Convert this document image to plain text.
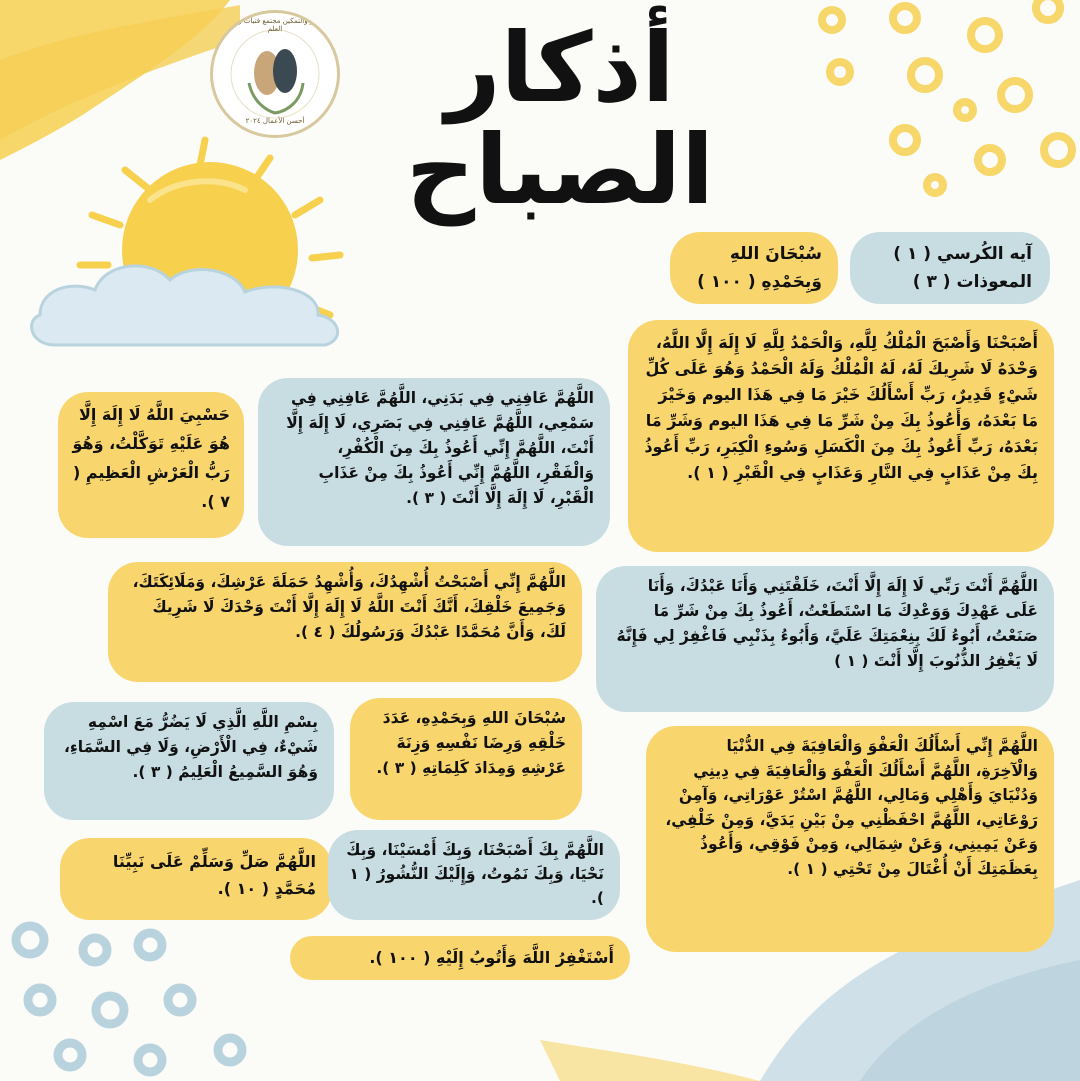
الإنجاز والتمكين مجتمع فتيات وتعاون العلم
أحسن الأعمال ٢٠٢٤	أذكار
الصباح
آيه الكُرسي ( ١ )
المعوذات ( ٣ )
سُبْحَانَ اللهِ
وَبِحَمْدِهِ ( ١٠٠ )
أَصْبَحْنَا وَأَصْبَحَ الْمُلْكُ لِلَّهِ، وَالْحَمْدُ لِلَّهِ لَا إِلَهَ إِلَّا اللَّهُ، وَحْدَهُ لَا شَرِيكَ لَهُ، لَهُ الْمُلْكُ وَلَهُ الْحَمْدُ وَهُوَ عَلَى كُلِّ شَيْءٍ قَدِيرٌ، رَبِّ أَسْأَلُكَ خَيْرَ مَا فِي هَذَا اليوم وَخَيْرَ مَا بَعْدَهُ، وَأَعُوذُ بِكَ مِنْ شَرِّ مَا فِي هَذَا اليوم وَشَرِّ مَا بَعْدَهُ، رَبِّ أَعُوذُ بِكَ مِنَ الْكَسَلِ وَسُوءِ الْكِبَرِ، رَبِّ أَعُوذُ بِكَ مِنْ عَذَابٍ فِي النَّارِ وَعَذَابٍ فِي الْقَبْرِ ( ١ ).
اللَّهُمَّ عَافِنِي فِي بَدَنِي، اللَّهُمَّ عَافِنِي فِي سَمْعِي، اللَّهُمَّ عَافِنِي فِي بَصَرِي، لَا إِلَهَ إِلَّا أَنْتَ، اللَّهُمَّ إِنِّي أَعُوذُ بِكَ مِنَ الْكُفْرِ، وَالْفَقْرِ، اللَّهُمَّ إِنِّي أَعُوذُ بِكَ مِنْ عَذَابِ الْقَبْرِ، لَا إِلَهَ إِلَّا أَنْتَ ( ٣ ).
حَسْبِيَ اللَّهُ لَا إِلَهَ إِلَّا هُوَ عَلَيْهِ تَوَكَّلْتُ، وَهُوَ رَبُّ الْعَرْشِ الْعَظِيمِ ( ٧ ).
اللَّهُمَّ إِنِّي أَصْبَحْتُ أُشْهِدُكَ، وَأُشْهِدُ حَمَلَةَ عَرْشِكَ، وَمَلَائِكَتَكَ، وَجَمِيعَ خَلْقِكَ، أَنَّكَ أَنْتَ اللَّهُ لَا إِلَهَ إِلَّا أَنْتَ وَحْدَكَ لَا شَرِيكَ لَكَ، وَأَنَّ مُحَمَّدًا عَبْدُكَ وَرَسُولُكَ ( ٤ ).
اللَّهُمَّ أَنْتَ رَبِّي لَا إِلَهَ إِلَّا أَنْتَ، خَلَقْتَنِي وَأَنَا عَبْدُكَ، وَأَنَا عَلَى عَهْدِكَ وَوَعْدِكَ مَا اسْتَطَعْتُ، أَعُوذُ بِكَ مِنْ شَرِّ مَا صَنَعْتُ، أَبُوءُ لَكَ بِنِعْمَتِكَ عَلَيَّ، وَأَبُوءُ بِذَنْبِي فَاغْفِرْ لِي فَإِنَّهُ لَا يَغْفِرُ الذُّنُوبَ إِلَّا أَنْتَ ( ١ )
بِسْمِ اللَّهِ الَّذِي لَا يَضُرُّ مَعَ اسْمِهِ شَيْءٌ، فِي الْأَرْضِ، وَلَا فِي السَّمَاءِ، وَهُوَ السَّمِيعُ الْعَلِيمُ ( ٣ ).
سُبْحَانَ اللهِ وَبِحَمْدِهِ، عَدَدَ خَلْقِهِ وَرِضَا نَفْسِهِ وَزِنَةَ عَرْشِهِ وَمِدَادَ كَلِمَاتِهِ ( ٣ ).
اللَّهُمَّ إِنِّي أَسْأَلُكَ الْعَفْوَ وَالْعَافِيَةَ فِي الدُّنْيَا وَالْآخِرَةِ، اللَّهُمَّ أَسْأَلُكَ الْعَفْوَ وَالْعَافِيَةَ فِي دِينِي وَدُنْيَايَ وَأَهْلِي وَمَالِي، اللَّهُمَّ اسْتُرْ عَوْرَاتِي، وَآمِنْ رَوْعَاتِي، اللَّهُمَّ احْفَظْنِي مِنْ بَيْنِ يَدَيَّ، وَمِنْ خَلْفِي، وَعَنْ يَمِينِي، وَعَنْ شِمَالِي، وَمِنْ فَوْقِي، وَأَعُوذُ بِعَظَمَتِكَ أَنْ أُغْتَالَ مِنْ تَحْتِي ( ١ ).
اللَّهُمَّ صَلِّ وَسَلِّمْ عَلَى نَبِيِّنَا مُحَمَّدٍ ( ١٠ ).
اللَّهُمَّ بِكَ أَصْبَحْنَا، وَبِكَ أَمْسَيْنَا، وَبِكَ نَحْيَا، وَبِكَ نَمُوتُ، وَإِلَيْكَ النُّشُورُ ( ١ ).
أَسْتَغْفِرُ اللَّهَ وَأَتُوبُ إِلَيْهِ ( ١٠٠ ).
